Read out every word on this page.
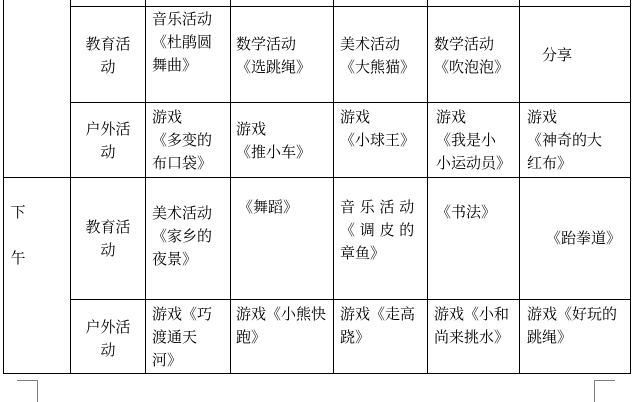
教育活
动
音乐活动
《杜鹃圆
舞曲》
数学活动
《选跳绳》
美术活动
《大熊猫》
数学活动
《吹泡泡》
分享
户外活
动
游戏
《多变的
布口袋》
游戏
《推小车》
游戏
《小球王》
游戏
《我是小
小运动员》
游戏
《神奇的大
红布》
下

午
教育活
动
美术活动
《家乡的
夜景》
《舞蹈》	音 乐 活 动
《 调 皮 的
章鱼》
《书法》
《跆拳道》
户外活
动
游戏《巧
渡通天
河》
游戏《小熊快
跑》
游戏《走高
跷》
游戏《小和
尚来挑水》
游戏《好玩的
跳绳》
